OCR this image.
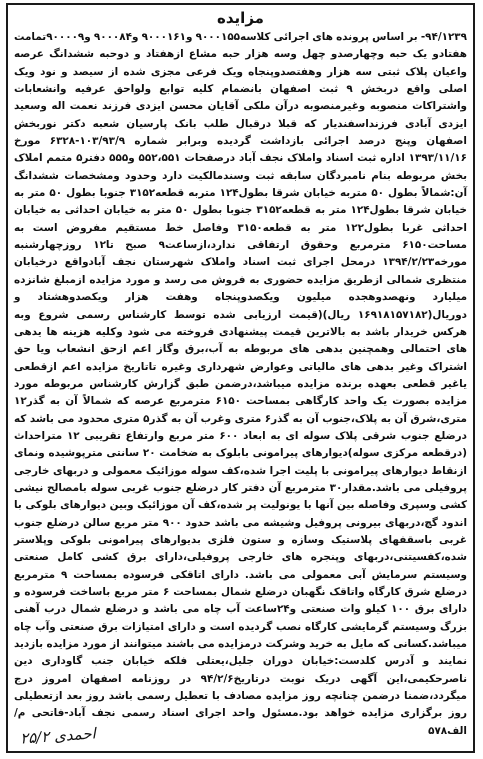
مزایده

۹۴/۱۲۳۹- بر اساس پرونده های اجرائی کلاسه۹۰۰۰۱۵۵ و۹۰۰۰۱۶۱ و۹۰۰۰۸۴ و۹۰۰۰۰۹تمامت هفتادو یک حبه وچهارصدو چهل وسه هزار حبه مشاع ازهفتاد و دوحبه ششدانگ عرصه واعیان پلاک ثبتی سه هزار وهفتصدوپنجاه ویک فرعی مجزی شده از سیصد و نود ویک اصلی واقع دربخش ۹ ثبت اصفهان بانضمام کلیه توابع ولواحق عرفیه وانشعابات واشتراکات منصوبه وغیرمنصوبه درآن ملکی آقایان محسن ایزدی فرزند نعمت اله وسعید ایزدی آبادی فرزنداسفندیار که قبلا درقبال طلب بانک پارسیان شعبه دکتر نوربخش اصفهان وپنج درصد اجرائی بازداشت گردیده وبرابر شماره ۱۰۳/۹۳/۹-۶۳۲۸ مورخ ۱۳۹۳/۱۱/۱۶ اداره ثبت اسناد واملاک نجف آباد درصفحات ۵۵۲،۵۵۱ و۵۵۵ دفتر۵ متمم املاک بخش مربوطه بنام نامبردگان سابقه ثبت وسندمالکیت دارد وحدود ومشخصات ششدانگ آن:شمالاً بطول ۵۰ متربه خیابان شرقا بطول۱۲۴ متربه قطعه۳۱۵۲ جنوبا بطول ۵۰ متر به خیابان شرقا بطول۱۲۴ متر به قطعه۳۱۵۲ جنوبا بطول ۵۰ متر به خیابان احداثی به خیابان احداثی غربا بطول۱۲۲ متر به قطعه۳۱۵۰ وفاصل خط مستقیم مفروض است به مساحت۶۱۵۰ مترمربع وحقوق ارتفاقی ندارد،ازساعت۹ صبح تا۱۲ روزچهارشنبه مورخه۱۳۹۴/۲/۲۳ درمحل اجرای ثبت اسناد واملاک شهرستان نجف آبادواقع درخیابان منتظری شمالی ازطریق مزایده حضوری به فروش می رسد و مورد مزایده ازمبلغ شانزده میلیارد ونهصدوهجده میلیون ویکصدوپنجاه وهفت هزار ویکصدوهشتاد و دوریال(۱۶۹۱۸۱۵۷۱۸۲ ریال)(قیمت ارزیابی شده توسط کارشناس رسمی شروع وبه هرکس خریدار باشد به بالاترین قیمت پیشنهادی فروخته می شود وکلیه هزینه ها یدهی های احتمالی وهمچنین بدهی های مربوطه به آب،برق وگاز اعم ازحق انشعاب ویا حق اشتراک وغیر بدهی های مالیاتی وعوارض شهرداری وغیره تاتاریخ مزایده اعم ازقطعی یاغیر قطعی بعهده برنده مزایده میباشد،درضمن طبق گزارش کارشناس مربوطه مورد مزایده بصورت یک واحد کارگاهی بمساحت ۶۱۵۰ مترمربع عرصه که شمالاً آن به گذر۱۲ متری،شرق آن به پلاک،جنوب آن به گذر۶ متری وغرب آن به گذر۵ متری محدود می باشد که درضلع جنوب شرقی پلاک سوله ای به ابعاد ۶۰۰ متر مربع وارتفاع تقریبی ۱۲ متراحداث (درقطعه مرکزی سوله)دیوارهای پیرامونی بابلوک به ضخامت ۲۰ سانتی مترپوشیده ونمای ازنقاط دیوارهای پیرامونی با پلیت اجرا شده،کف سوله موزائیک معمولی و دربهای خارجی پروفیلی می باشد.مقدار۳۰ مترمربع آن دفتر کار درضلع جنوب غربی سوله بامصالح نیشی کشی وسپری وفاصله بین آنها با یونولیت پر شده،کف آن موزائیک وبین دیوارهای بلوکی با اندود گچ،دربهای بیرونی پروفیل وشیشه می باشد حدود ۹۰۰ متر مربع سالن درضلع جنوب غربی باسقفهای پلاستیک وسازه و ستون فلزی بدیوارهای پیرامونی بلوکی وپلاستر شده،کفسیتنی،دربهای وپنجره های خارجی پروفیلی،دارای برق کشی کامل صنعتی وسیستم سرمایش آبی معمولی می باشد. دارای اتاقکی فرسوده بمساحت ۹ مترمربع درضلع شرق کارگاه واتاقک نگهبان درضلع شمال بمساحت ۶ متر مربع باساخت فرسوده و دارای برق ۱۰۰ کیلو وات صنعتی و۲۴ساعت آب چاه می باشد و درضلع شمال درب آهنی بزرگ وسیستم گرمایشی کارگاه نصب گردیده است و دارای امتیازات برق صنعتی وآب چاه میباشد.کسانی که مایل به خرید وشرکت درمزایده می باشند میتوانند از مورد مزایده بازدید نمایند و آدرس کلدست:خیابان دوران جلیل،یعتلی فلکه خیابان جنب گاوداری دین ناصرحکیمی،این آگهی دریک نوبت درتاریخ۹۴/۲/۶ در روزنامه اصفهان امروز درج میگردد،ضمنا درضمن چنانچه روز مزایده مصادف با تعطیل رسمی باشد روز بعد ازتعطیلی روز برگزاری مزایده خواهد بود.مسئول واحد اجرای اسناد رسمی نجف آباد-فاتحی م/الف۵۷۸

احمدی ۲۵/۲
